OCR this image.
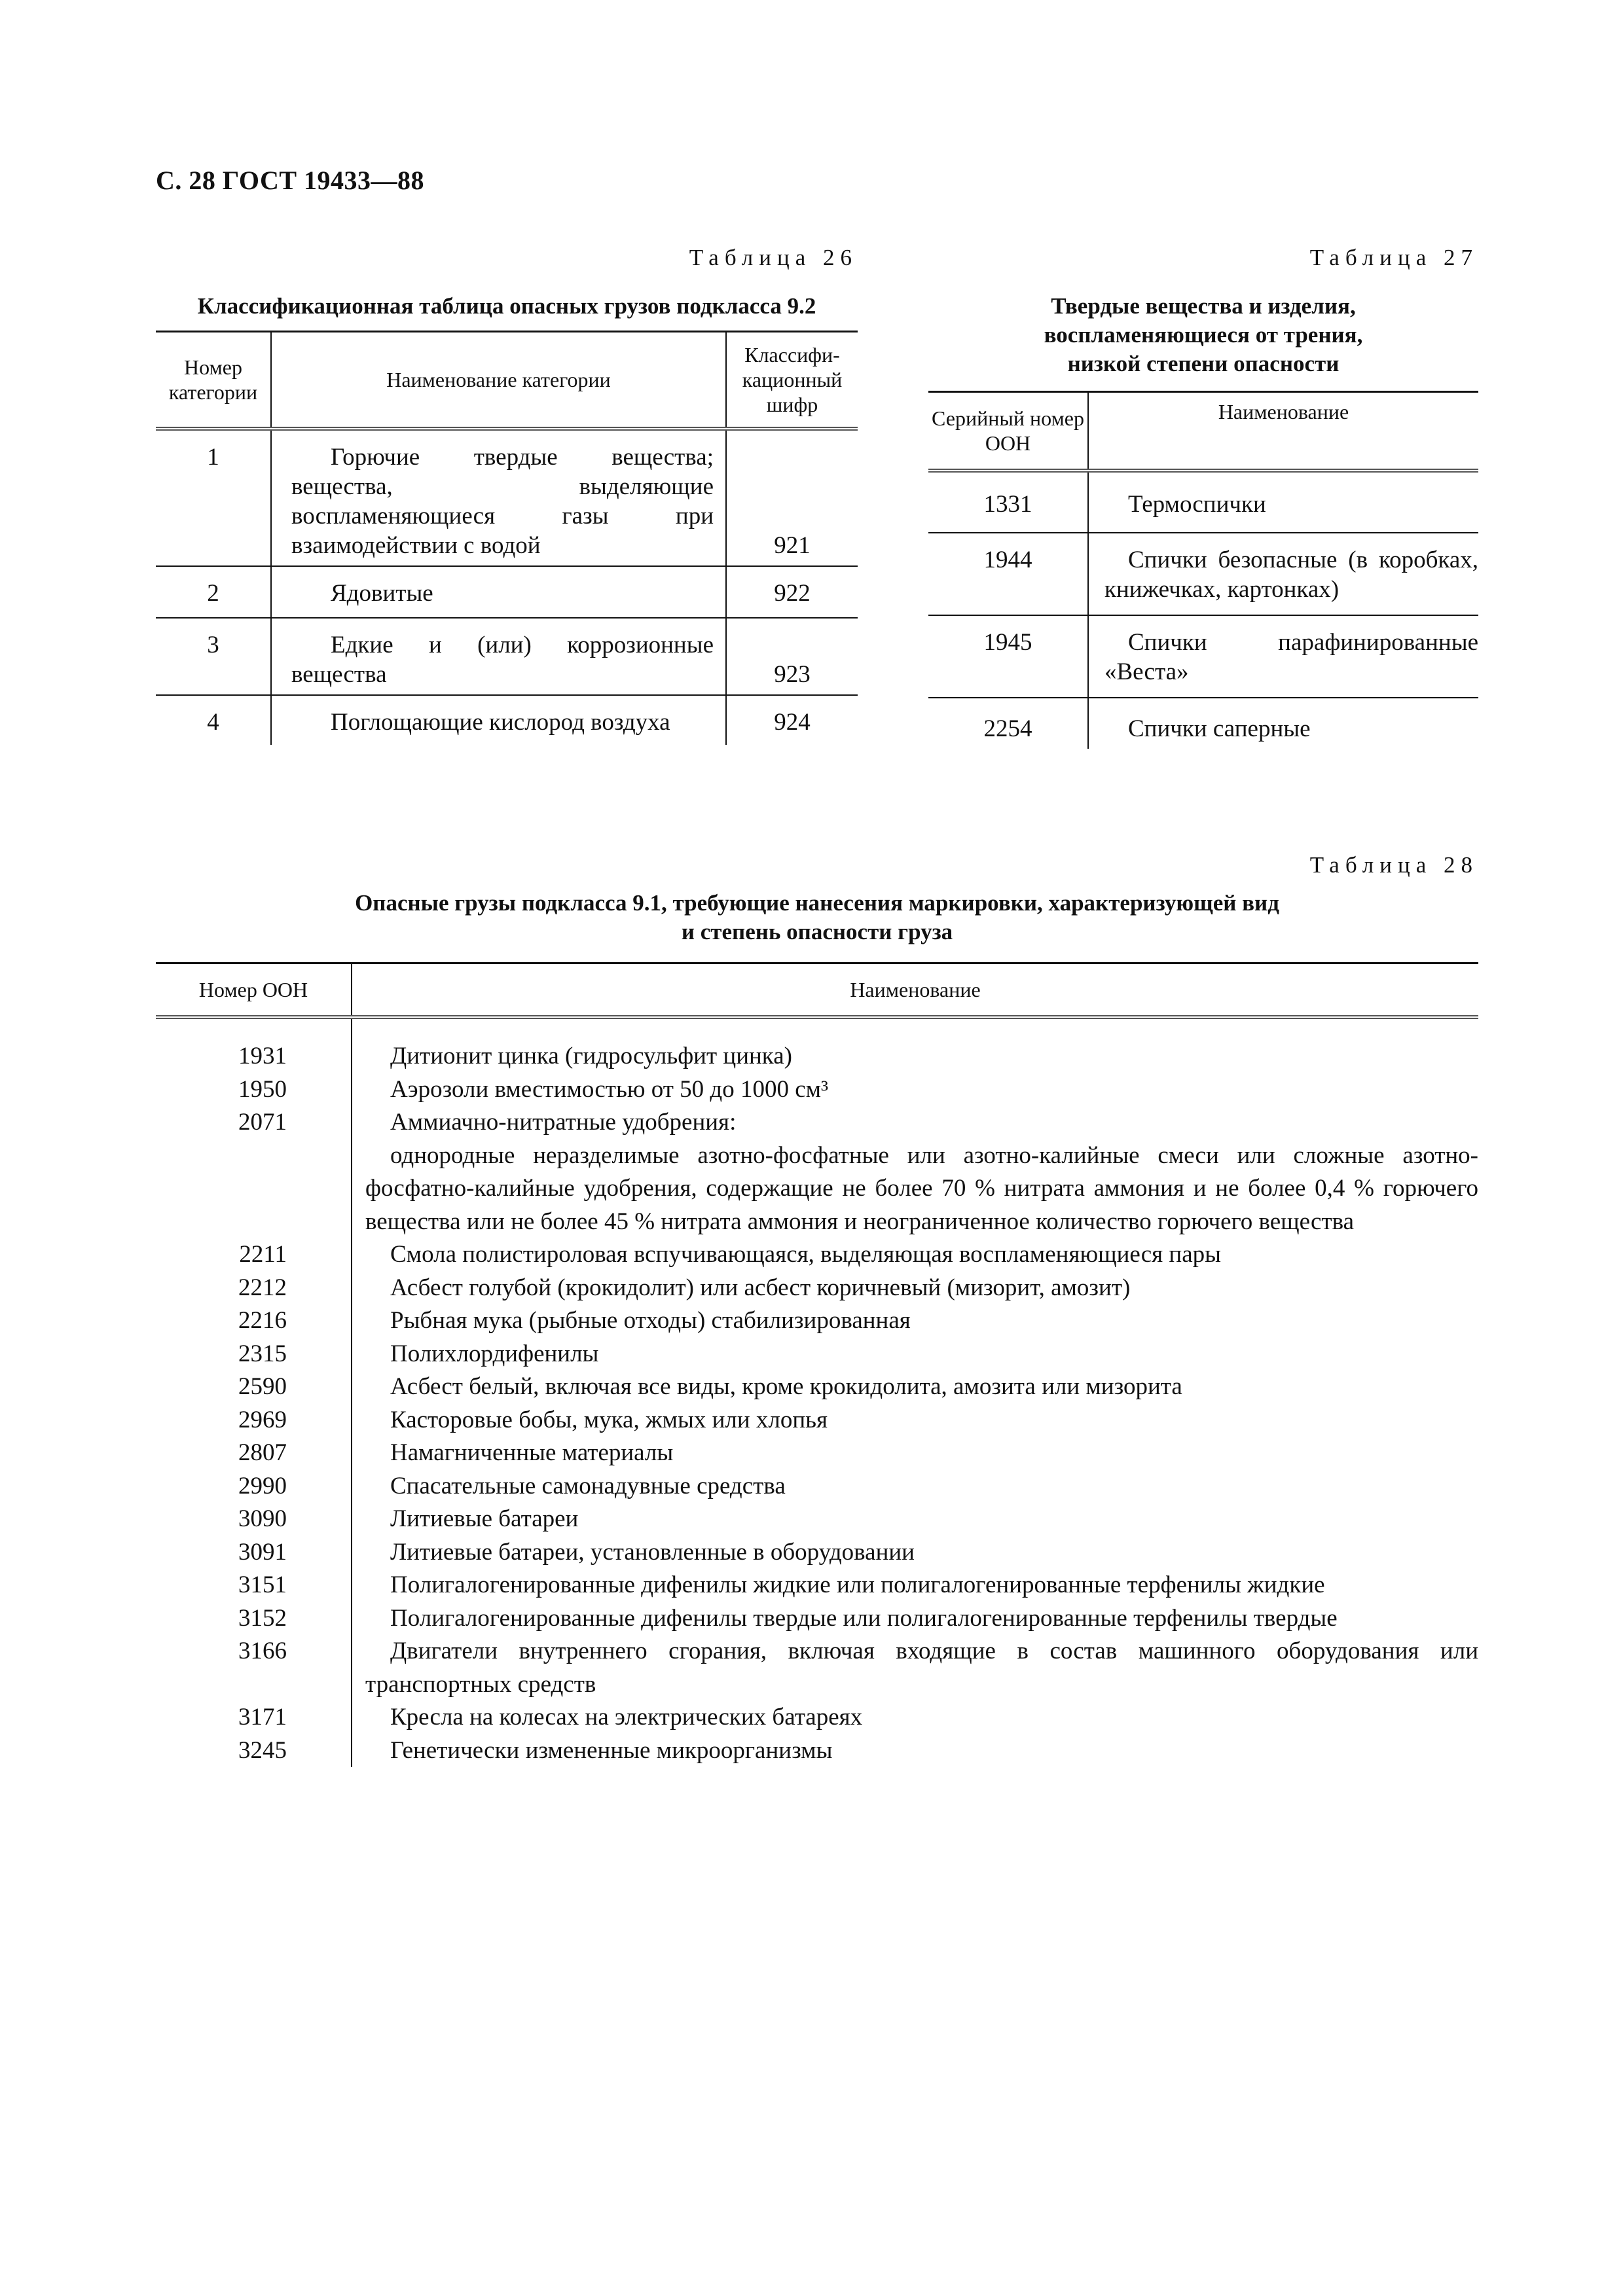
С. 28 ГОСТ 19433—88
Таблица 26
Классификационная таблица опасных грузов подкласса 9.2
Номер категории	Наименование категории	Классифи-кационный шифр
1	Горючие твердые вещества; вещества, выделяющие воспламеняющиеся газы при взаимодействии с водой	921
2	Ядовитые	922
3	Едкие и (или) коррозионные вещества	923
4	Поглощающие кислород воздуха	924
Таблица 27
Твердые вещества и изделия,
воспламеняющиеся от трения,
низкой степени опасности
Серийный номер ООН	Наименование
1331	Термоспички
1944	Спички безопасные (в коробках, книжечках, картонках)
1945	Спички парафинированные «Веста»
2254	Спички саперные
Таблица 28
Опасные грузы подкласса 9.1, требующие нанесения маркировки, характеризующей вид
и степень опасности груза
Номер ООН	Наименование
1931	Дитионит цинка (гидросульфит цинка)
1950	Аэрозоли вместимостью от 50 до 1000 см³
2071	Аммиачно-нитратные удобрения:
однородные неразделимые азотно-фосфатные или азотно-калийные смеси или сложные азотно-фосфатно-калийные удобрения, содержащие не более 70 % нитрата аммония и не более 0,4 % горючего вещества или не более 45 % нитрата аммония и неограниченное количество горючего вещества
2211	Смола полистироловая вспучивающаяся, выделяющая воспламеняющиеся пары
2212	Асбест голубой (крокидолит) или асбест коричневый (мизорит, амозит)
2216	Рыбная мука (рыбные отходы) стабилизированная
2315	Полихлордифенилы
2590	Асбест белый, включая все виды, кроме крокидолита, амозита или мизорита
2969	Касторовые бобы, мука, жмых или хлопья
2807	Намагниченные материалы
2990	Спасательные самонадувные средства
3090	Литиевые батареи
3091	Литиевые батареи, установленные в оборудовании
3151	Полигалогенированные дифенилы жидкие или полигалогенированные терфенилы жидкие
3152	Полигалогенированные дифенилы твердые или полигалогенированные терфенилы твердые
3166	Двигатели внутреннего сгорания, включая входящие в состав машинного оборудования или транспортных средств
3171	Кресла на колесах на электрических батареях
3245	Генетически измененные микроорганизмы
